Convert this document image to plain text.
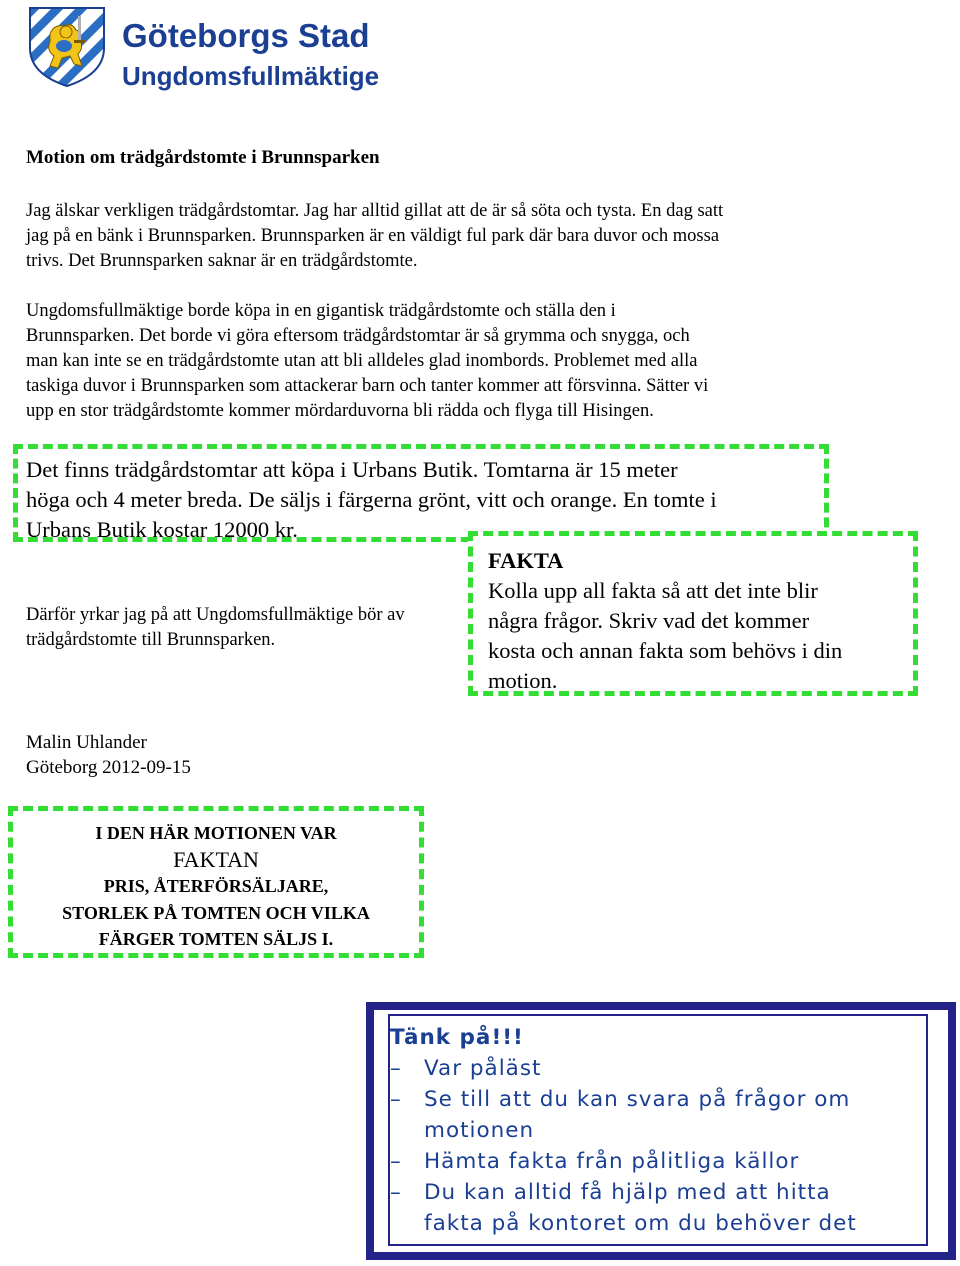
Göteborgs Stad
Ungdomsfullmäktige
Motion om trädgårdstomte i Brunnsparken

Jag älskar verkligen trädgårdstomtar. Jag har alltid gillat att de är så söta och tysta. En dag satt
jag på en bänk i Brunnsparken. Brunnsparken är en väldigt ful park där bara duvor och mossa
trivs. Det Brunnsparken saknar är en trädgårdstomte.

Ungdomsfullmäktige borde köpa in en gigantisk trädgårdstomte och ställa den i
Brunnsparken. Det borde vi göra eftersom trädgårdstomtar är så grymma och snygga, och
man kan inte se en trädgårdstomte utan att bli alldeles glad inombords. Problemet med alla
taskiga duvor i Brunnsparken som attackerar barn och tanter kommer att försvinna. Sätter vi
upp en stor trädgårdstomte kommer mördarduvorna bli rädda och flyga till Hisingen.

Det finns trädgårdstomtar att köpa i Urbans Butik. Tomtarna är 15 meter
höga och 4 meter breda. De säljs i färgerna grönt, vitt och orange. En tomte i
Urbans Butik kostar 12000 kr.
Därför yrkar jag på att Ungdomsfullmäktige bör av
trädgårdstomte till Brunnsparken.
FAKTA
Kolla upp all fakta så att det inte blir
några frågor. Skriv vad det kommer
kosta och annan fakta som behövs i din
motion.
Malin Uhlander
Göteborg 2012-09-15
I DEN HÄR MOTIONEN VAR
FAKTAN
PRIS, ÅTERFÖRSÄLJARE,
STORLEK PÅ TOMTEN OCH VILKA
FÄRGER TOMTEN SÄLJS I.
Tänk på!!!
– Var påläst
– Se till att du kan svara på frågor om
motionen
– Hämta fakta från pålitliga källor
– Du kan alltid få hjälp med att hitta
fakta på kontoret om du behöver det
